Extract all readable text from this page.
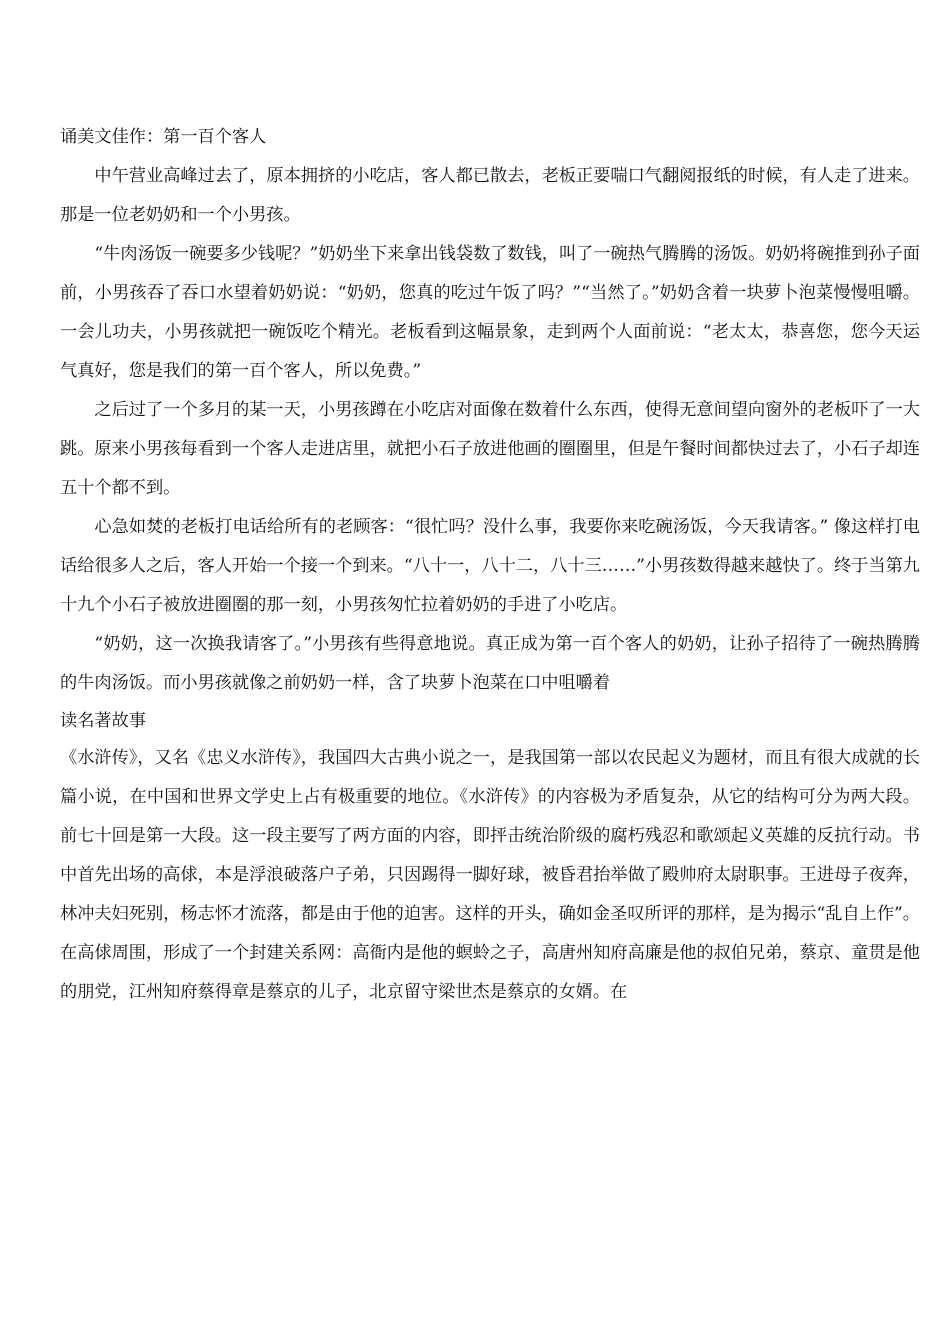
诵美文佳作：第一百个客人

中午营业高峰过去了，原本拥挤的小吃店，客人都已散去，老板正要喘口气翻阅报纸的时候，有人走了进来。那是一位老奶奶和一个小男孩。

“牛肉汤饭一碗要多少钱呢？”奶奶坐下来拿出钱袋数了数钱，叫了一碗热气腾腾的汤饭。奶奶将碗推到孙子面前，小男孩吞了吞口水望着奶奶说：“奶奶，您真的吃过午饭了吗？”“当然了。”奶奶含着一块萝卜泡菜慢慢咀嚼。一会儿功夫，小男孩就把一碗饭吃个精光。老板看到这幅景象，走到两个人面前说：“老太太，恭喜您，您今天运气真好，您是我们的第一百个客人，所以免费。”

之后过了一个多月的某一天，小男孩蹲在小吃店对面像在数着什么东西，使得无意间望向窗外的老板吓了一大跳。原来小男孩每看到一个客人走进店里，就把小石子放进他画的圈圈里，但是午餐时间都快过去了，小石子却连五十个都不到。

心急如焚的老板打电话给所有的老顾客：“很忙吗？没什么事，我要你来吃碗汤饭，今天我请客。” 像这样打电话给很多人之后，客人开始一个接一个到来。“八十一，八十二，八十三……”小男孩数得越来越快了。终于当第九十九个小石子被放进圈圈的那一刻，小男孩匆忙拉着奶奶的手进了小吃店。

“奶奶，这一次换我请客了。”小男孩有些得意地说。真正成为第一百个客人的奶奶，让孙子招待了一碗热腾腾的牛肉汤饭。而小男孩就像之前奶奶一样，含了块萝卜泡菜在口中咀嚼着

读名著故事

《水浒传》，又名《忠义水浒传》，我国四大古典小说之一，是我国第一部以农民起义为题材，而且有很大成就的长篇小说，在中国和世界文学史上占有极重要的地位。《水浒传》的内容极为矛盾复杂，从它的结构可分为两大段。前七十回是第一大段。这一段主要写了两方面的内容，即抨击统治阶级的腐朽残忍和歌颂起义英雄的反抗行动。书中首先出场的高俅，本是浮浪破落户子弟，只因踢得一脚好球，被昏君抬举做了殿帅府太尉职事。王进母子夜奔，林冲夫妇死别，杨志怀才流落，都是由于他的迫害。这样的开头，确如金圣叹所评的那样，是为揭示“乱自上作”。在高俅周围，形成了一个封建关系网：高衙内是他的螟蛉之子，高唐州知府高廉是他的叔伯兄弟，蔡京、童贯是他的朋党，江州知府蔡得章是蔡京的儿子，北京留守梁世杰是蔡京的女婿。在
